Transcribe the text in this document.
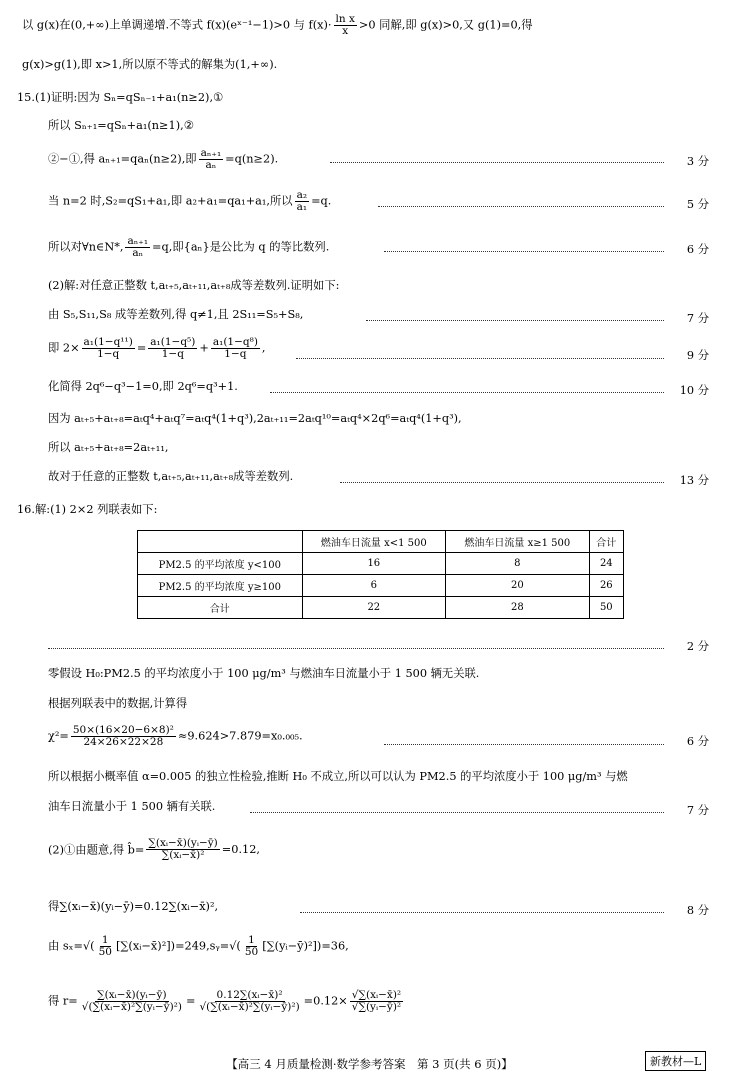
以 g(x)在(0,+∞)上单调递增.不等式 f(x)(eˣ⁻¹−1)>0 与 $f(x)\cdot \frac{\text{ln x}}{x} >0$ 同解,即 g(x)>0,又 g(1)=0,得
g(x)>g(1),即 x>1,所以原不等式的解集为(1,+∞).
15.(1)证明:因为 Sₙ=qSₙ₋₁+a₁(n≥2),①
所以 Sₙ₊₁=qSₙ+a₁(n≥1),②
②−①,得 aₙ₊₁=qaₙ(n≥2),即 $\frac{\text{aₙ₊₁}}{\text{aₙ}} =q(n\ge 2)$.	3 分
当 n=2 时,S₂=qS₁+a₁,即 a₂+a₁=qa₁+a₁,所以 $\frac{\text{a₂}}{\text{a₁}} =q$.	5 分
所以对∀n∈N*, $\frac{\text{aₙ₊₁}}{\text{aₙ}} =q$,即{aₙ}是公比为 q 的等比数列.	6 分
(2)解:对任意正整数 t,aₜ₊₅,aₜ₊₁₁,aₜ₊₈成等差数列.证明如下:
由 S₅,S₁₁,S₈ 成等差数列,得 q≠1,且 2S₁₁=S₅+S₈,	7 分
即 $2\times \frac{\text{a₁(1−q¹¹)}}{1-q} = \frac{\text{a₁(1−q⁵)}}{1-q} + \frac{\text{a₁(1−q⁸)}}{1-q}$ ,
9 分
化简得 2q⁶−q³−1=0,即 2q⁶=q³+1.	10 分
因为 aₜ₊₅+aₜ₊₈=aₜq⁴+aₜq⁷=aₜq⁴(1+q³),2aₜ₊₁₁=2aₜq¹⁰=aₜq⁴×2q⁶=aₜq⁴(1+q³),
所以 aₜ₊₅+aₜ₊₈=2aₜ₊₁₁,
故对于任意的正整数 t,aₜ₊₅,aₜ₊₁₁,aₜ₊₈成等差数列.	13 分
16.解:(1) 2×2 列联表如下:
	燃油车日流量 x<1 500	燃油车日流量 x≥1 500	合计
PM2.5 的平均浓度 y<100	16	8	24
PM2.5 的平均浓度 y≥100	6	20	26
合计	22	28	50
2 分
零假设 H₀:PM2.5 的平均浓度小于 100 μg/m³ 与燃油车日流量小于 1 500 辆无关联.
根据列联表中的数据,计算得
$\chi^2= \frac{\text{50×(16×20−6×8)²}}{24\times 26\times 22\times 28} \approx 9.624>7.879=x_0._{005}$.	6 分
所以根据小概率值 α=0.005 的独立性检验,推断 H₀ 不成立,所以可以认为 PM2.5 的平均浓度小于 100 μg/m³ 与燃
油车日流量小于 1 500 辆有关联.	7 分
(2)①由题意,得 b̂= $\frac{\text{∑(xᵢ−x̄)(yᵢ−ȳ)}}{\text{∑(xᵢ−x̄)²}} =0.12$,
得∑(xᵢ−x̄)(yᵢ−ȳ)=0.12∑(xᵢ−x̄)²,	8 分
由 $s_x=√( \frac{1}{50}$ [∑(xᵢ−x̄)²])=249,sᵧ=√( $\frac{1}{50}$ [∑(yᵢ−ȳ)²])=36,
得 $r= \frac{\text{∑(xᵢ−x̄)(yᵢ−ȳ)}}{\text{√(∑(xᵢ−x̄)²∑(yᵢ−ȳ)²)}} = \frac{\text{0.12∑(xᵢ−x̄)²}}{\text{√(∑(xᵢ−x̄)²∑(yᵢ−ȳ)²)}} =0.12\times \frac{\text{√∑(xᵢ−x̄)²}}{\text{√∑(yᵢ−ȳ)²}}$
【高三 4 月质量检测·数学参考答案　第 3 页(共 6 页)】	新教材—L
